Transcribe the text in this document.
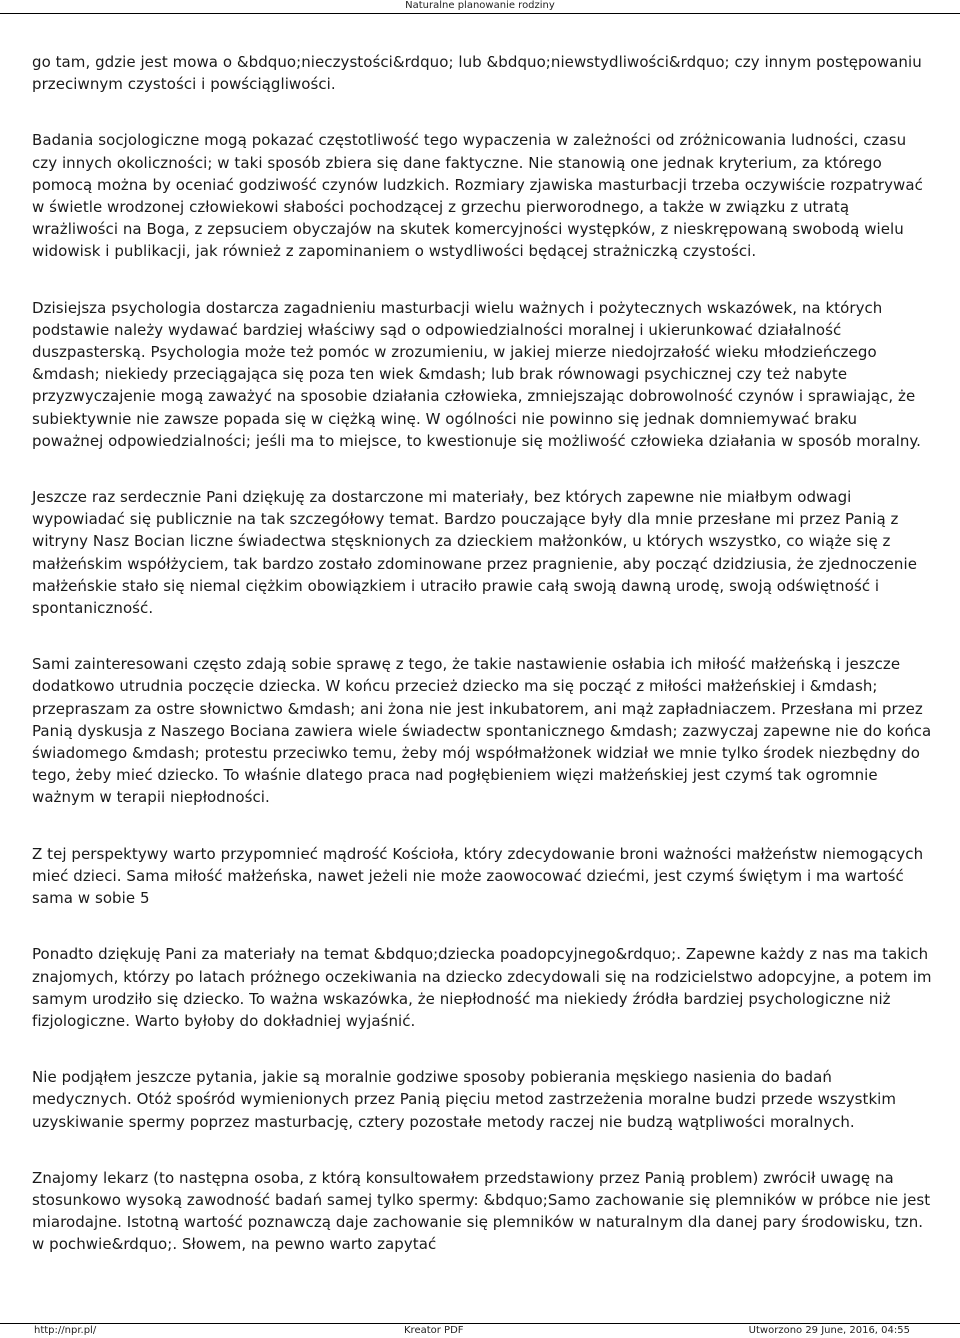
Naturalne planowanie rodziny

go tam, gdzie jest mowa o &bdquo;nieczystości&rdquo; lub &bdquo;niewstydliwości&rdquo; czy innym postępowaniu przeciwnym czystości i powściągliwości.

Badania socjologiczne mogą pokazać częstotliwość tego wypaczenia w zależności od zróżnicowania ludności, czasu czy innych okoliczności; w taki sposób zbiera się dane faktyczne. Nie stanowią one jednak kryterium, za którego pomocą można by oceniać godziwość czynów ludzkich. Rozmiary zjawiska masturbacji trzeba oczywiście rozpatrywać w świetle wrodzonej człowiekowi słabości pochodzącej z grzechu pierworodnego, a także w związku z utratą wrażliwości na Boga, z zepsuciem obyczajów na skutek komercyjności występków, z nieskrępowaną swobodą wielu widowisk i publikacji, jak również z zapominaniem o wstydliwości będącej strażniczką czystości.

Dzisiejsza psychologia dostarcza zagadnieniu masturbacji wielu ważnych i pożytecznych wskazówek, na których podstawie należy wydawać bardziej właściwy sąd o odpowiedzialności moralnej i ukierunkować działalność duszpasterską. Psychologia może też pomóc w zrozumieniu, w jakiej mierze niedojrzałość wieku młodzieńczego &mdash; niekiedy przeciągająca się poza ten wiek &mdash; lub brak równowagi psychicznej czy też nabyte przyzwyczajenie mogą zaważyć na sposobie działania człowieka, zmniejszając dobrowolność czynów i sprawiając, że subiektywnie nie zawsze popada się w ciężką winę. W ogólności nie powinno się jednak domniemywać braku poważnej odpowiedzialności; jeśli ma to miejsce, to kwestionuje się możliwość człowieka działania w sposób moralny.

Jeszcze raz serdecznie Pani dziękuję za dostarczone mi materiały, bez których zapewne nie miałbym odwagi wypowiadać się publicznie na tak szczegółowy temat. Bardzo pouczające były dla mnie przesłane mi przez Panią z witryny Nasz Bocian liczne świadectwa stęsknionych za dzieckiem małżonków, u których wszystko, co wiąże się z małżeńskim współżyciem, tak bardzo zostało zdominowane przez pragnienie, aby począć dzidziusia, że zjednoczenie małżeńskie stało się niemal ciężkim obowiązkiem i utraciło prawie całą swoją dawną urodę, swoją odświętność i spontaniczność.

Sami zainteresowani często zdają sobie sprawę z tego, że takie nastawienie osłabia ich miłość małżeńską i jeszcze dodatkowo utrudnia poczęcie dziecka. W końcu przecież dziecko ma się począć z miłości małżeńskiej i &mdash; przepraszam za ostre słownictwo &mdash; ani żona nie jest inkubatorem, ani mąż zapładniaczem. Przesłana mi przez Panią dyskusja z Naszego Bociana zawiera wiele świadectw spontanicznego &mdash; zazwyczaj zapewne nie do końca świadomego &mdash; protestu przeciwko temu, żeby mój współmałżonek widział we mnie tylko środek niezbędny do tego, żeby mieć dziecko. To właśnie dlatego praca nad pogłębieniem więzi małżeńskiej jest czymś tak ogromnie ważnym w terapii niepłodności.

Z tej perspektywy warto przypomnieć mądrość Kościoła, który zdecydowanie broni ważności małżeństw niemogących mieć dzieci. Sama miłość małżeńska, nawet jeżeli nie może zaowocować dziećmi, jest czymś świętym i ma wartość sama w sobie 5

Ponadto dziękuję Pani za materiały na temat &bdquo;dziecka poadopcyjnego&rdquo;. Zapewne każdy z nas ma takich znajomych, którzy po latach próżnego oczekiwania na dziecko zdecydowali się na rodzicielstwo adopcyjne, a potem im samym urodziło się dziecko. To ważna wskazówka, że niepłodność ma niekiedy źródła bardziej psychologiczne niż fizjologiczne. Warto byłoby do dokładniej wyjaśnić.

Nie podjąłem jeszcze pytania, jakie są moralnie godziwe sposoby pobierania męskiego nasienia do badań medycznych. Otóż spośród wymienionych przez Panią pięciu metod zastrzeżenia moralne budzi przede wszystkim uzyskiwanie spermy poprzez masturbację, cztery pozostałe metody raczej nie budzą wątpliwości moralnych.

Znajomy lekarz (to następna osoba, z którą konsultowałem przedstawiony przez Panią problem) zwrócił uwagę na stosunkowo wysoką zawodność badań samej tylko spermy: &bdquo;Samo zachowanie się plemników w próbce nie jest miarodajne. Istotną wartość poznawczą daje zachowanie się plemników w naturalnym dla danej pary środowisku, tzn. w pochwie&rdquo;. Słowem, na pewno warto zapytać

http://npr.pl/	Kreator PDF	Utworzono 29 June, 2016, 04:55
